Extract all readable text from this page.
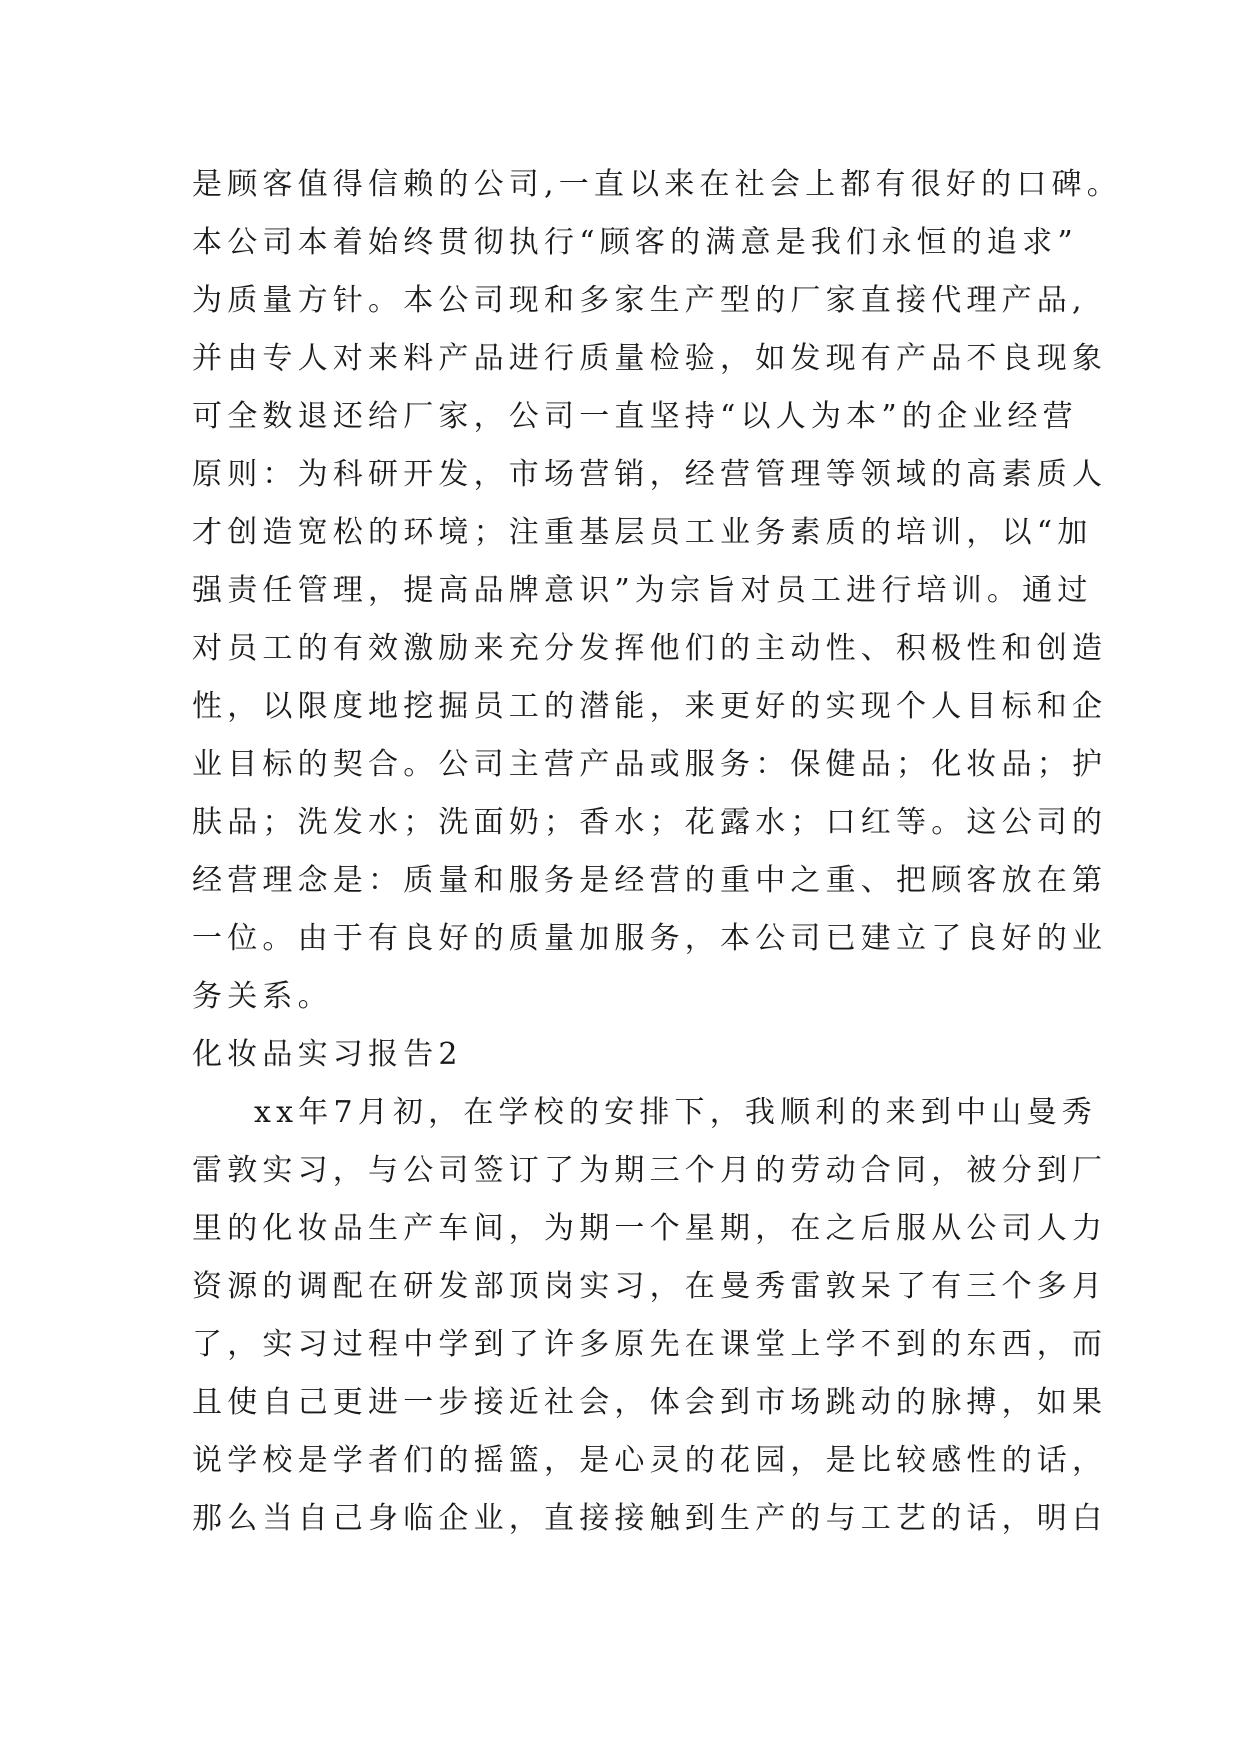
是顾客值得信赖的公司,一直以来在社会上都有很好的口碑。
本公司本着始终贯彻执行“顾客的满意是我们永恒的追求”
为质量方针。本公司现和多家生产型的厂家直接代理产品,
并由专人对来料产品进行质量检验，如发现有产品不良现象
可全数退还给厂家，公司一直坚持“以人为本”的企业经营
原则：为科研开发，市场营销，经营管理等领域的高素质人
才创造宽松的环境；注重基层员工业务素质的培训，以“加
强责任管理，提高品牌意识”为宗旨对员工进行培训。通过
对员工的有效激励来充分发挥他们的主动性、积极性和创造
性，以限度地挖掘员工的潜能，来更好的实现个人目标和企
业目标的契合。公司主营产品或服务：保健品；化妆品；护
肤品；洗发水；洗面奶；香水；花露水；口红等。这公司的
经营理念是：质量和服务是经营的重中之重、把顾客放在第
一位。由于有良好的质量加服务，本公司已建立了良好的业
务关系。
化妆品实习报告2
xx年7月初，在学校的安排下，我顺利的来到中山曼秀
雷敦实习，与公司签订了为期三个月的劳动合同，被分到厂
里的化妆品生产车间，为期一个星期，在之后服从公司人力
资源的调配在研发部顶岗实习，在曼秀雷敦呆了有三个多月
了，实习过程中学到了许多原先在课堂上学不到的东西，而
且使自己更进一步接近社会，体会到市场跳动的脉搏，如果
说学校是学者们的摇篮，是心灵的花园，是比较感性的话，
那么当自己身临企业，直接接触到生产的与工艺的话，明白
